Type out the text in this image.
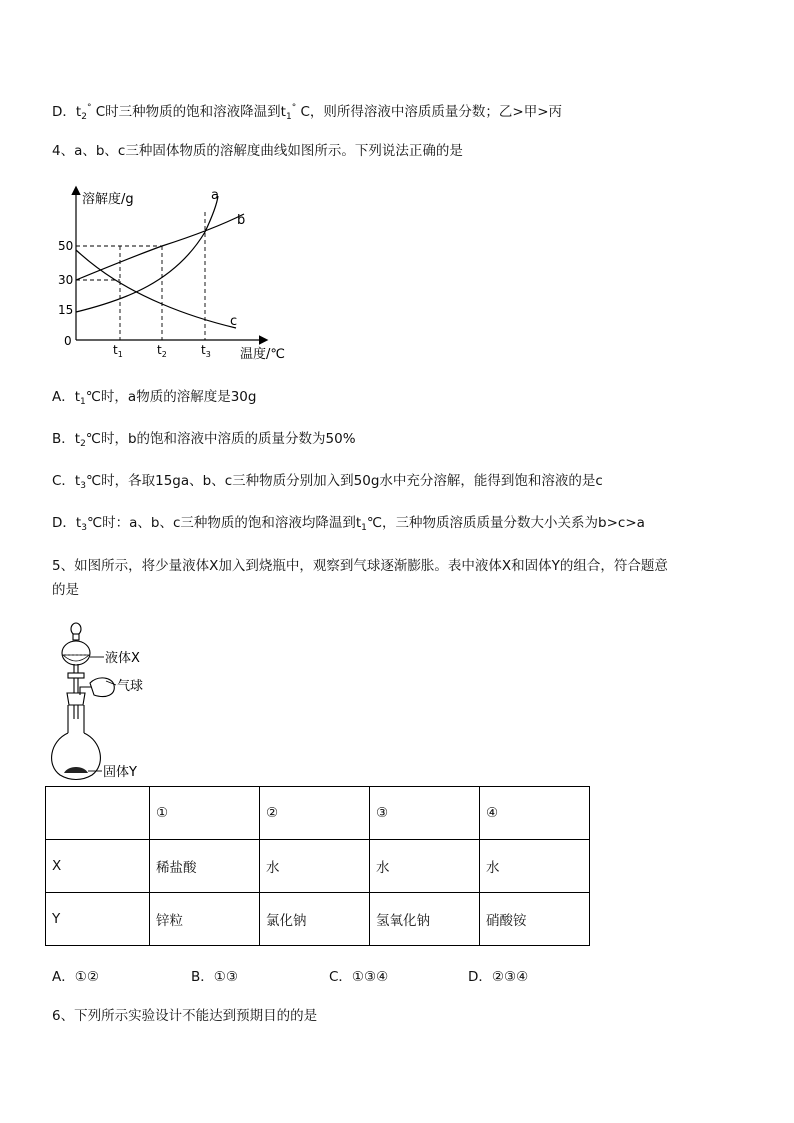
D．$t_2^\circ$ C时三种物质的饱和溶液降温到$t_1^\circ$ C，则所得溶液中溶质质量分数；乙>甲>丙
4、a、b、c三种固体物质的溶解度曲线如图所示。下列说法正确的是
溶解度/g
温度/℃
0
15
30
50
$t_1$	$t_2$	$t_3$
a
b
c
A．$t_1℃$时，a物质的溶解度是30g
B．$t_2℃$时，b的饱和溶液中溶质的质量分数为50%
C．$t_3℃$时，各取15ga、b、c三种物质分别加入到50g水中充分溶解，能得到饱和溶液的是c
D．$t_3℃$时：a、b、c三种物质的饱和溶液均降温到$t_1℃$，三种物质溶质质量分数大小关系为b>c>a
5、如图所示，将少量液体X加入到烧瓶中，观察到气球逐渐膨胀。表中液体X和固体Y的组合，符合题意
的是
液体X
气球
固体Y
	①	②	③	④
X	稀盐酸	水	水	水
Y	锌粒	氯化钠	氢氧化钠	硝酸铵
A．①②	B．①③	C．①③④	D．②③④
6、下列所示实验设计不能达到预期目的的是
